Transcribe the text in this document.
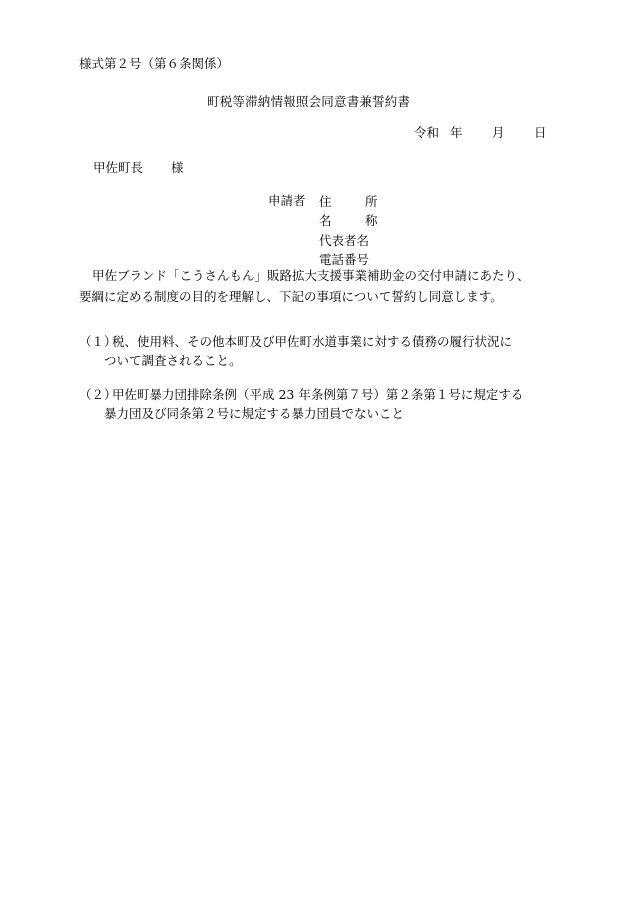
様式第２号（第６条関係）
町税等滞納情報照会同意書兼誓約書
令和 年 月 日
甲佐町長 様
申請者 住	所
名	称
代表者名
電話番号
甲佐ブランド「こうさんもん」販路拡大支援事業補助金の交付申請にあたり、
要綱に定める制度の目的を理解し、下記の事項について誓約し同意します。
（１）税、使用料、その他本町及び甲佐町水道事業に対する債務の履行状況に
ついて調査されること。
（２）甲佐町暴力団排除条例（平成 23 年条例第７号）第２条第１号に規定する
暴力団及び同条第２号に規定する暴力団員でないこと
